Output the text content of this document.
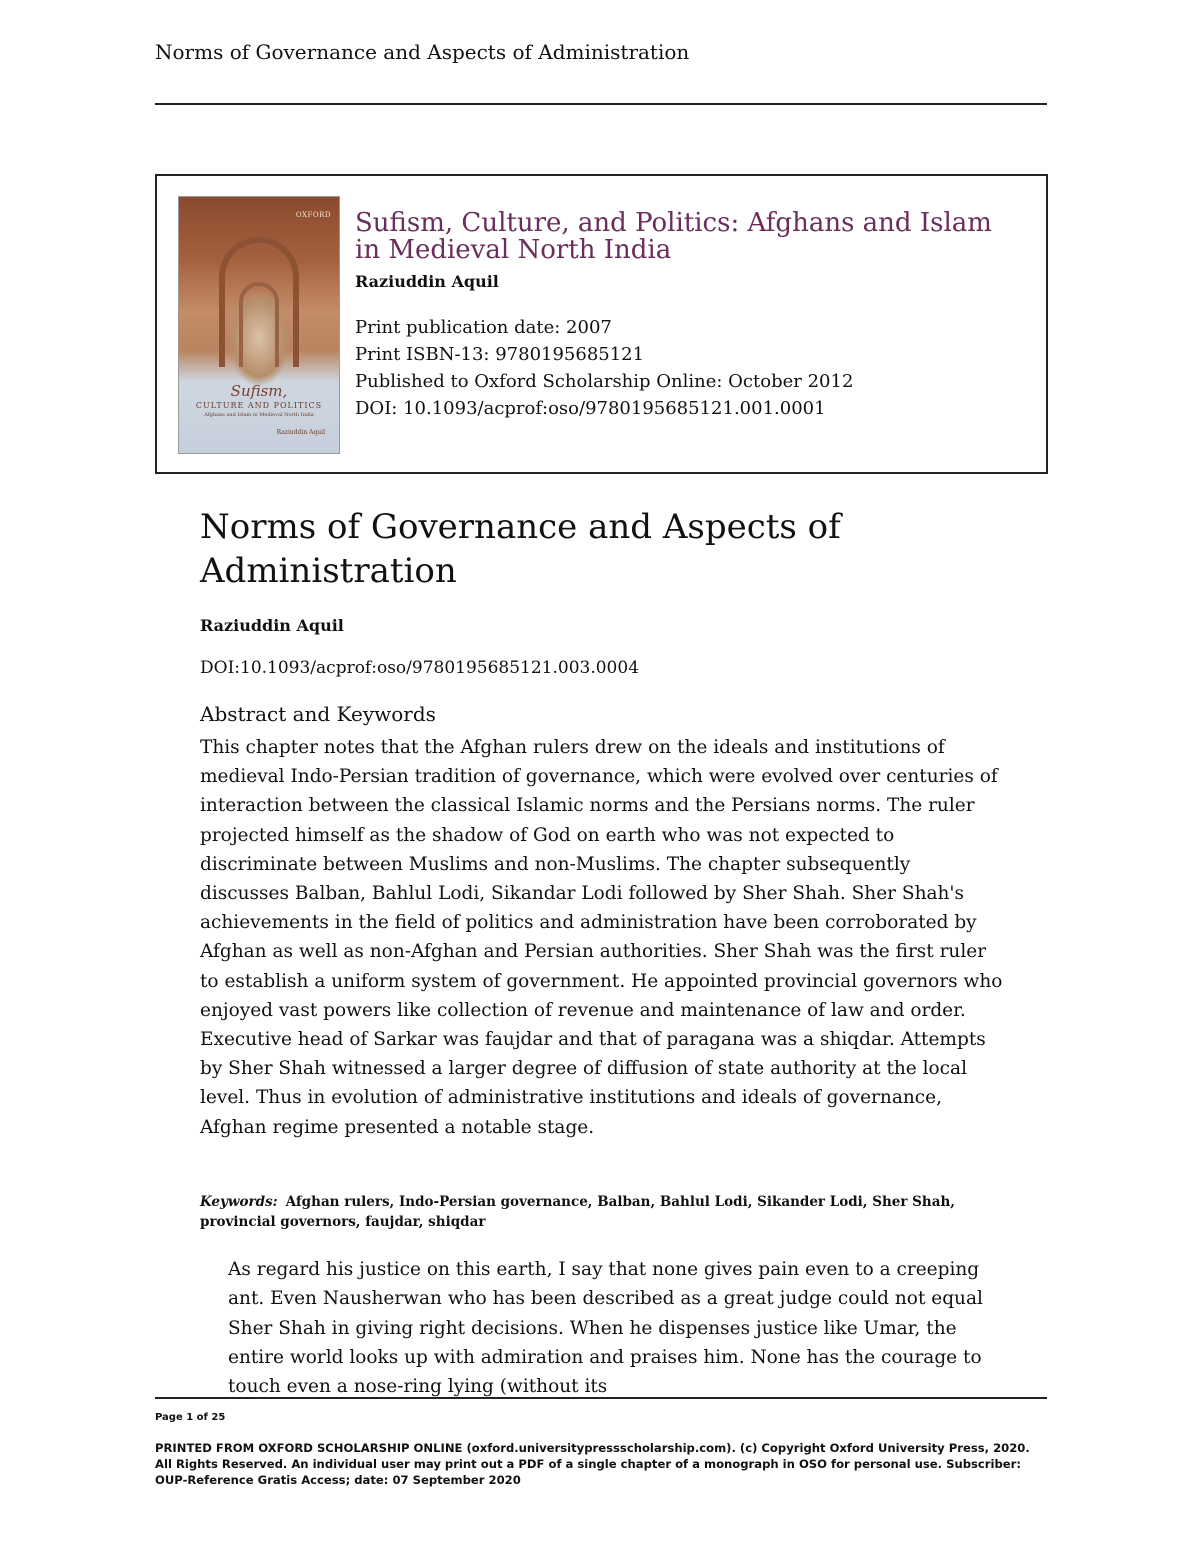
Norms of Governance and Aspects of Administration
OXFORD
Sufism,
CULTURE AND POLITICS
Afghans and Islam in Medieval North India
Raziuddin Aquil
Sufism, Culture, and Politics: Afghans and Islam in Medieval North India
Raziuddin Aquil
Print publication date: 2007
Print ISBN-13: 9780195685121
Published to Oxford Scholarship Online: October 2012
DOI: 10.1093/acprof:oso/9780195685121.001.0001
Norms of Governance and Aspects of Administration
Raziuddin Aquil
DOI:10.1093/acprof:oso/9780195685121.003.0004
Abstract and Keywords
This chapter notes that the Afghan rulers drew on the ideals and institutions of medieval Indo-Persian tradition of governance, which were evolved over centuries of interaction between the classical Islamic norms and the Persians norms. The ruler projected himself as the shadow of God on earth who was not expected to discriminate between Muslims and non-Muslims. The chapter subsequently discusses Balban, Bahlul Lodi, Sikandar Lodi followed by Sher Shah. Sher Shah's achievements in the field of politics and administration have been corroborated by Afghan as well as non-Afghan and Persian authorities. Sher Shah was the first ruler to establish a uniform system of government. He appointed provincial governors who enjoyed vast powers like collection of revenue and maintenance of law and order. Executive head of Sarkar was faujdar and that of paragana was a shiqdar. Attempts by Sher Shah witnessed a larger degree of diffusion of state authority at the local level. Thus in evolution of administrative institutions and ideals of governance, Afghan regime presented a notable stage.
Keywords: Afghan rulers, Indo-Persian governance, Balban, Bahlul Lodi, Sikander Lodi, Sher Shah, provincial governors, faujdar, shiqdar
As regard his justice on this earth, I say that none gives pain even to a creeping ant. Even Nausherwan who has been described as a great judge could not equal Sher Shah in giving right decisions. When he dispenses justice like Umar, the entire world looks up with admiration and praises him. None has the courage to touch even a nose-ring lying (without its
Page 1 of 25
PRINTED FROM OXFORD SCHOLARSHIP ONLINE (oxford.universitypressscholarship.com). (c) Copyright Oxford University Press, 2020. All Rights Reserved. An individual user may print out a PDF of a single chapter of a monograph in OSO for personal use. Subscriber: OUP-Reference Gratis Access; date: 07 September 2020
